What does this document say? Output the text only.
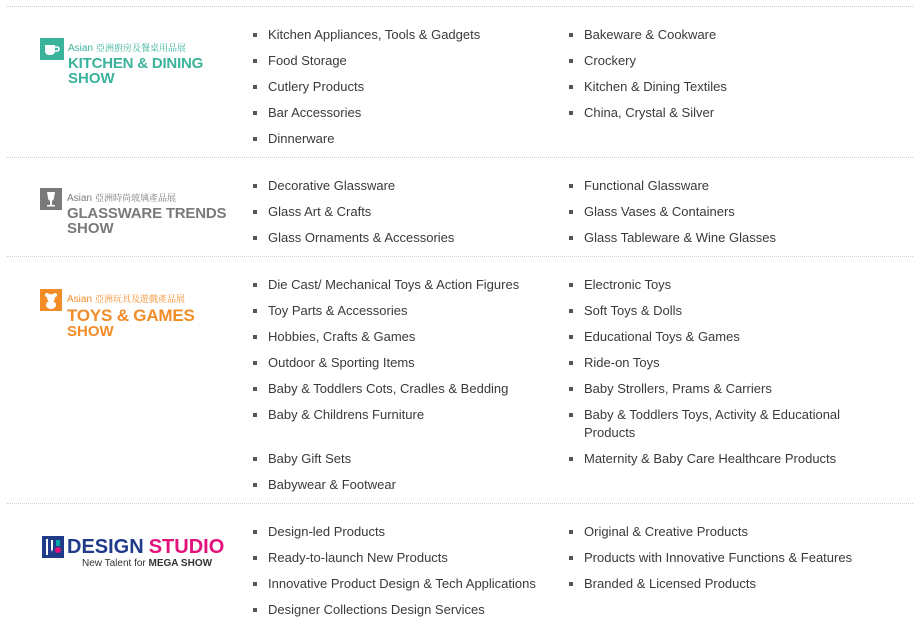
Asian 亞洲廚房及餐桌用品展
KITCHEN & DINING
SHOW
Kitchen Appliances, Tools & Gadgets
Food Storage
Cutlery Products
Bar Accessories
Dinnerware
Bakeware & Cookware
Crockery
Kitchen & Dining Textiles
China, Crystal & Silver
Asian 亞洲時尚玻璃產品展
GLASSWARE TRENDS
SHOW
Decorative Glassware
Glass Art & Crafts
Glass Ornaments & Accessories
Functional Glassware
Glass Vases & Containers
Glass Tableware & Wine Glasses
Asian 亞洲玩具及遊戲產品展
TOYS & GAMES
SHOW
Die Cast/ Mechanical Toys & Action Figures
Toy Parts & Accessories
Hobbies, Crafts & Games
Outdoor & Sporting Items
Baby & Toddlers Cots, Cradles & Bedding
Baby & Childrens Furniture
Baby Gift Sets
Babywear & Footwear
Electronic Toys
Soft Toys & Dolls
Educational Toys & Games
Ride-on Toys
Baby Strollers, Prams & Carriers
Baby & Toddlers Toys, Activity & Educational Products
Maternity & Baby Care Healthcare Products
DESIGN STUDIO
New Talent for MEGA SHOW
Design-led Products
Ready-to-launch New Products
Innovative Product Design & Tech Applications
Designer Collections Design Services
Original & Creative Products
Products with Innovative Functions & Features
Branded & Licensed Products
